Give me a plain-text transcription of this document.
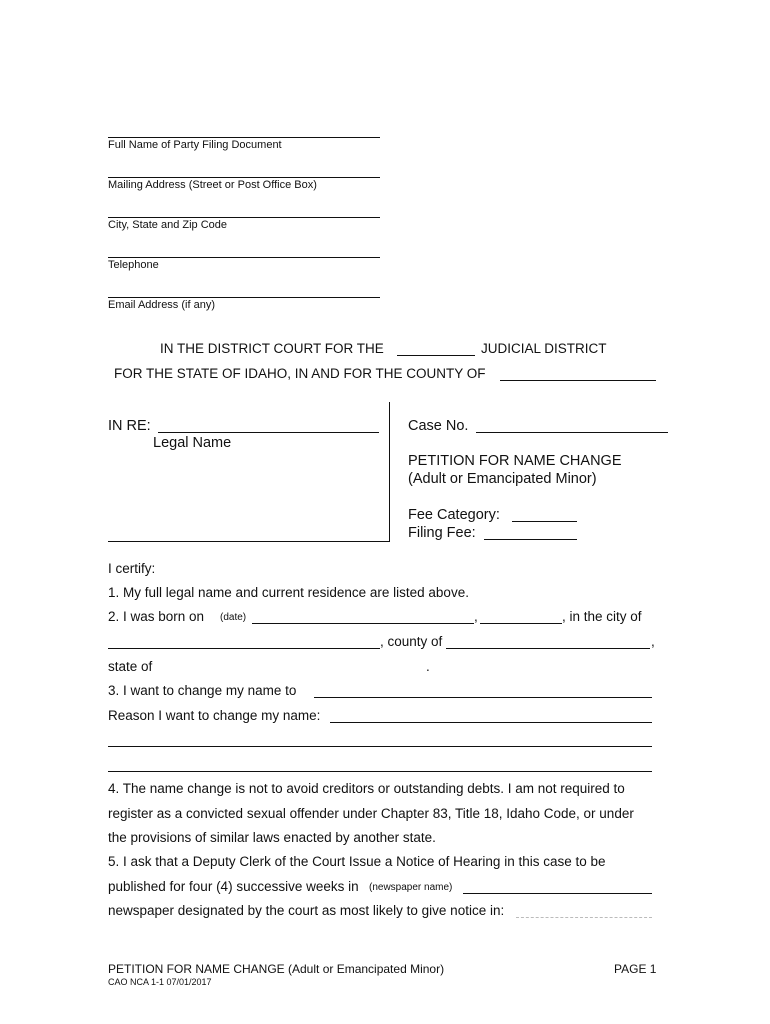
Full Name of Party Filing Document
Mailing Address (Street or Post Office Box)
City, State and Zip Code
Telephone
Email Address (if any)
IN THE DISTRICT COURT FOR THE	JUDICIAL DISTRICT
FOR THE STATE OF IDAHO, IN AND FOR THE COUNTY OF
IN RE:
Legal Name
Case No.
PETITION FOR NAME CHANGE
(Adult or Emancipated Minor)
Fee Category:
Filing Fee:
I certify:
1. My full legal name and current residence are listed above.
2. I was born on (date)	,	, in the city of
, county of	,
state of	.
3. I want to change my name to
Reason I want to change my name:
4. The name change is not to avoid creditors or outstanding debts. I am not required to
register as a convicted sexual offender under Chapter 83, Title 18, Idaho Code, or under
the provisions of similar laws enacted by another state.
5. I ask that a Deputy Clerk of the Court Issue a Notice of Hearing in this case to be
published for four (4) successive weeks in (newspaper name)
newspaper designated by the court as most likely to give notice in:
PETITION FOR NAME CHANGE (Adult or Emancipated Minor)	PAGE 1
CAO NCA 1-1 07/01/2017
